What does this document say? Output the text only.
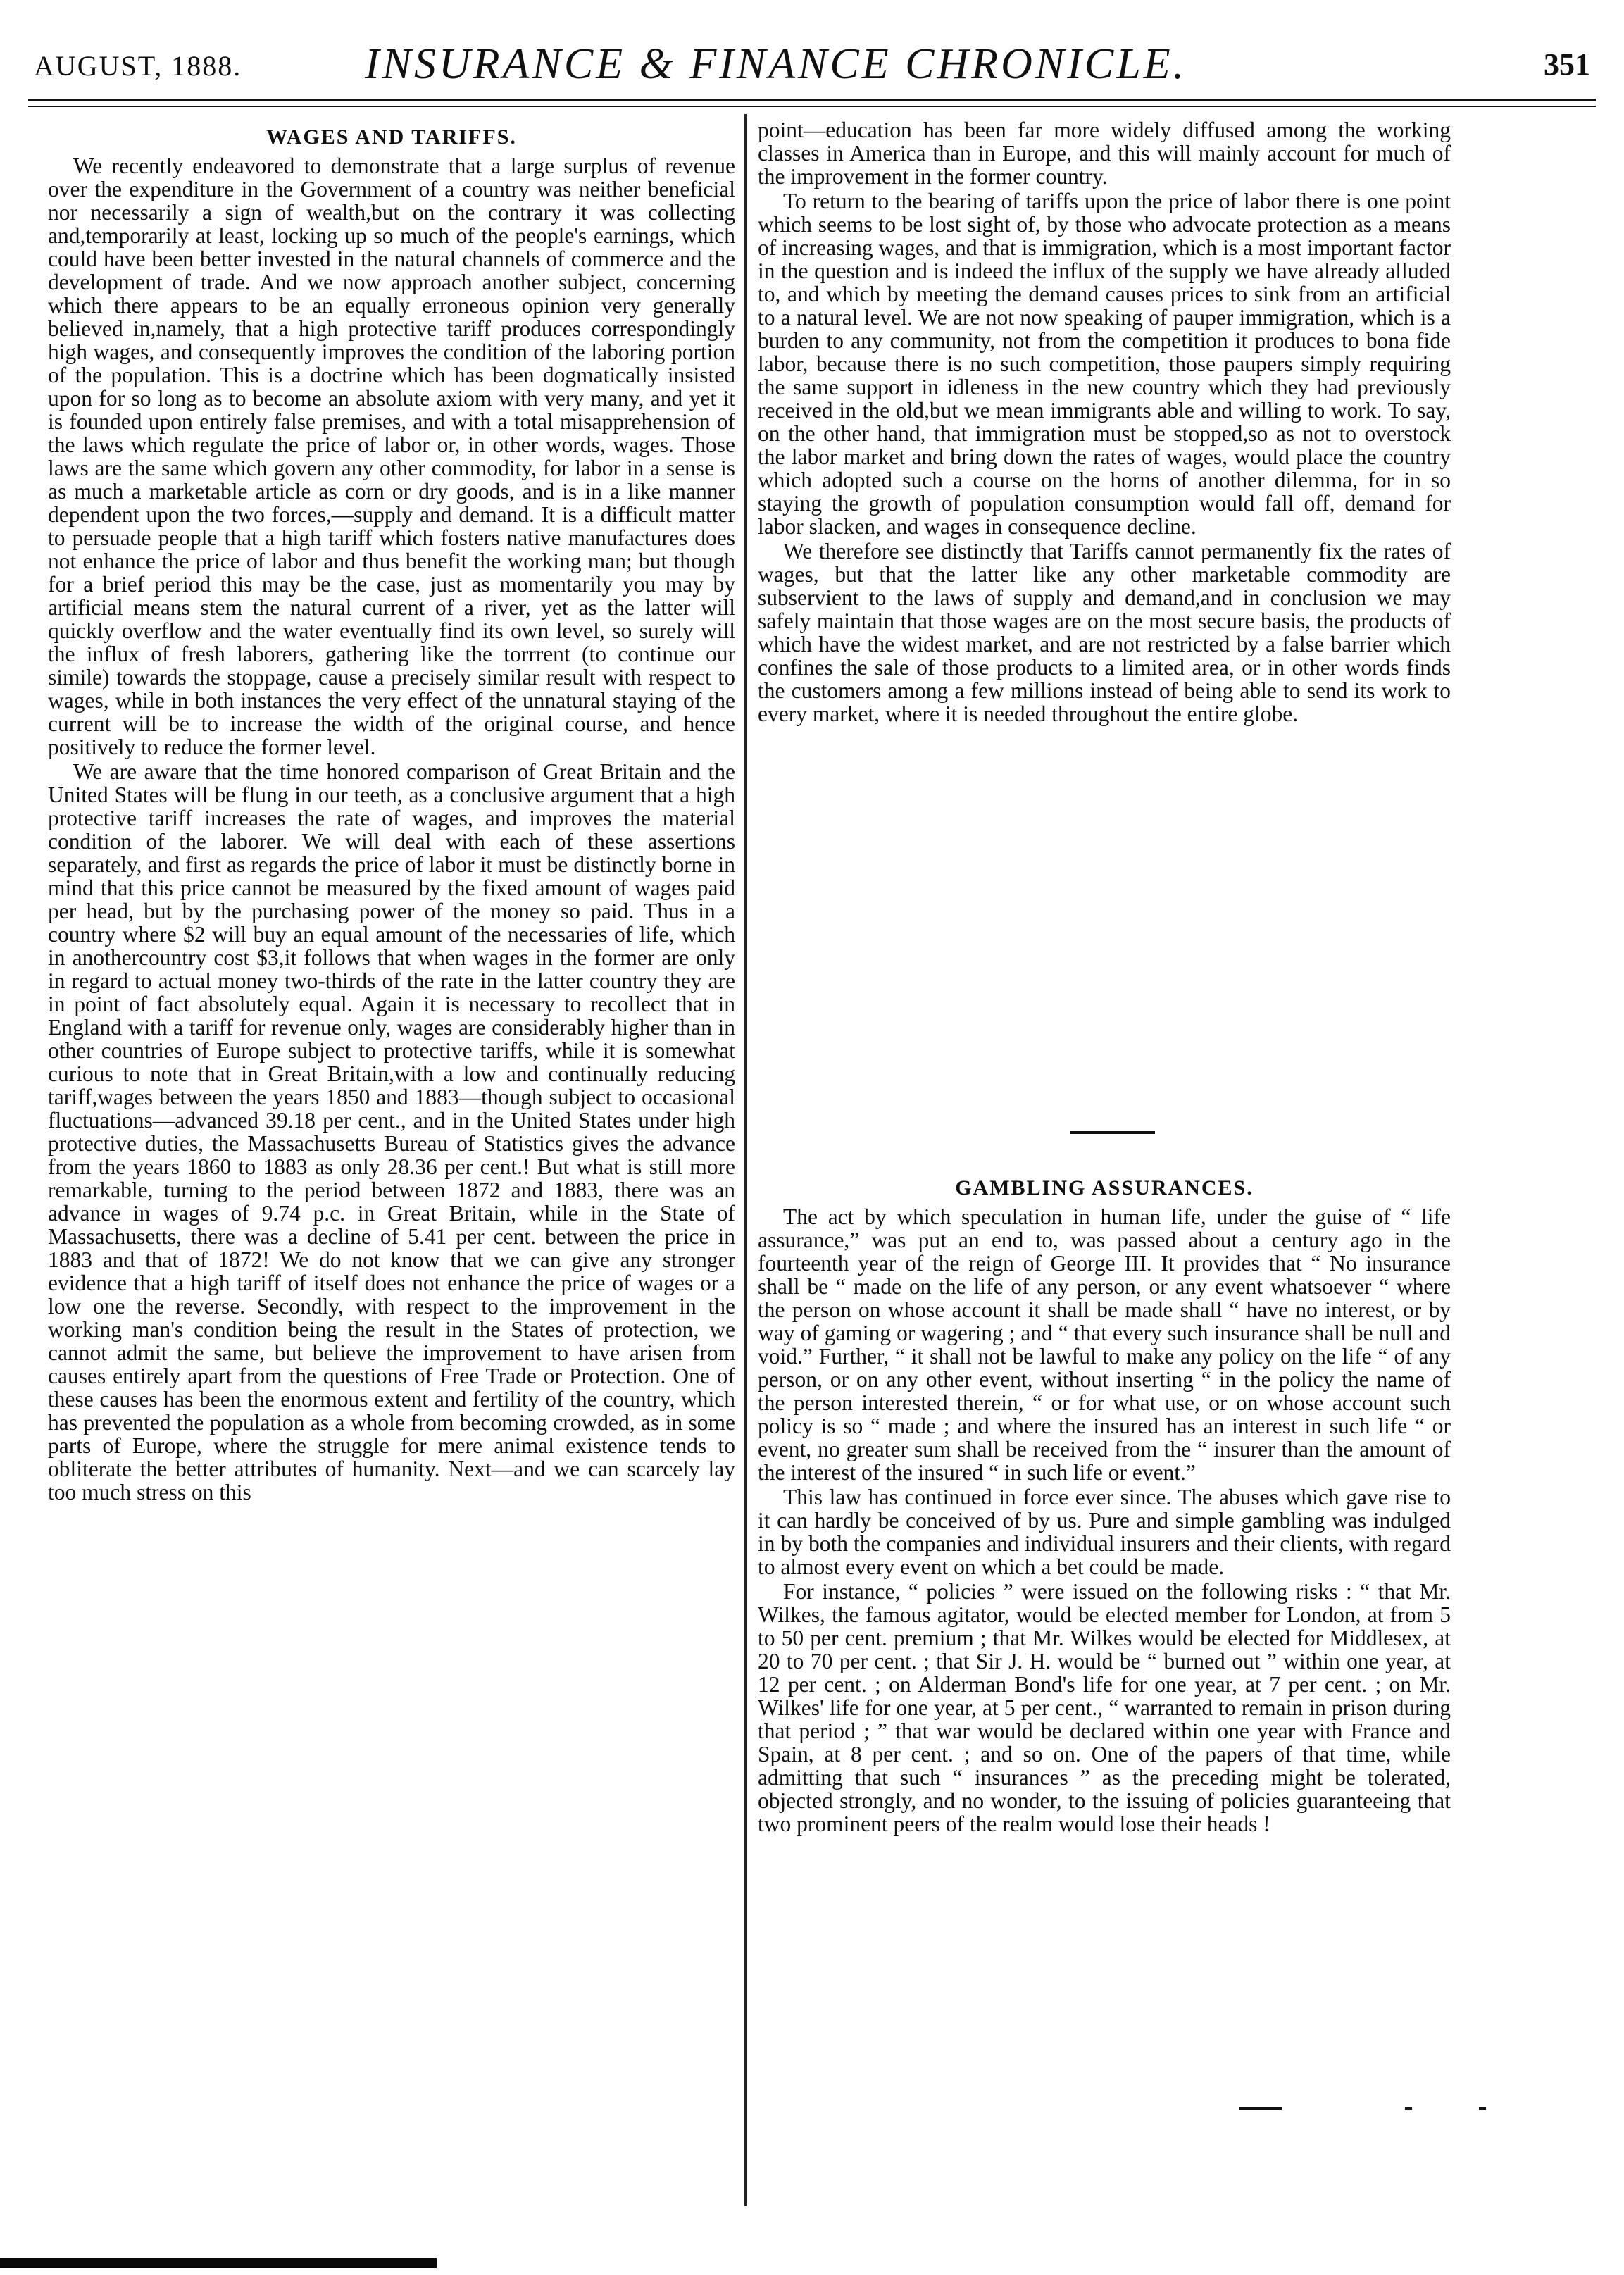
AUGUST, 1888.	INSURANCE & FINANCE CHRONICLE.	351
WAGES AND TARIFFS.

We recently endeavored to demonstrate that a large surplus of revenue over the expenditure in the Government of a country was neither beneficial nor necessarily a sign of wealth,but on the contrary it was collecting and,temporarily at least, locking up so much of the people's earnings, which could have been better invested in the natural channels of commerce and the development of trade. And we now approach another subject, concerning which there appears to be an equally erroneous opinion very generally believed in,namely, that a high protective tariff produces correspondingly high wages, and consequently improves the condition of the laboring portion of the population. This is a doctrine which has been dogmatically insisted upon for so long as to become an absolute axiom with very many, and yet it is founded upon entirely false premises, and with a total misapprehension of the laws which regulate the price of labor or, in other words, wages. Those laws are the same which govern any other commodity, for labor in a sense is as much a marketable article as corn or dry goods, and is in a like manner dependent upon the two forces,—supply and demand. It is a difficult matter to persuade people that a high tariff which fosters native manufactures does not enhance the price of labor and thus benefit the working man; but though for a brief period this may be the case, just as momentarily you may by artificial means stem the natural current of a river, yet as the latter will quickly overflow and the water eventually find its own level, so surely will the influx of fresh laborers, gathering like the torrrent (to continue our simile) towards the stoppage, cause a precisely similar result with respect to wages, while in both instances the very effect of the unnatural staying of the current will be to increase the width of the original course, and hence positively to reduce the former level.

We are aware that the time honored comparison of Great Britain and the United States will be flung in our teeth, as a conclusive argument that a high protective tariff increases the rate of wages, and improves the material condition of the laborer. We will deal with each of these assertions separately, and first as regards the price of labor it must be distinctly borne in mind that this price cannot be measured by the fixed amount of wages paid per head, but by the purchasing power of the money so paid. Thus in a country where $2 will buy an equal amount of the necessaries of life, which in anothercountry cost $3,it follows that when wages in the former are only in regard to actual money two-thirds of the rate in the latter country they are in point of fact absolutely equal. Again it is necessary to recollect that in England with a tariff for revenue only, wages are considerably higher than in other countries of Europe subject to protective tariffs, while it is somewhat curious to note that in Great Britain,with a low and continually reducing tariff,wages between the years 1850 and 1883—though subject to occasional fluctuations—advanced 39.18 per cent., and in the United States under high protective duties, the Massachusetts Bureau of Statistics gives the advance from the years 1860 to 1883 as only 28.36 per cent.! But what is still more remarkable, turning to the period between 1872 and 1883, there was an advance in wages of 9.74 p.c. in Great Britain, while in the State of Massachusetts, there was a decline of 5.41 per cent. between the price in 1883 and that of 1872! We do not know that we can give any stronger evidence that a high tariff of itself does not enhance the price of wages or a low one the reverse. Secondly, with respect to the improvement in the working man's condition being the result in the States of protection, we cannot admit the same, but believe the improvement to have arisen from causes entirely apart from the questions of Free Trade or Protection. One of these causes has been the enormous extent and fertility of the country, which has prevented the population as a whole from becoming crowded, as in some parts of Europe, where the struggle for mere animal existence tends to obliterate the better attributes of humanity. Next—and we can scarcely lay too much stress on this

point—education has been far more widely diffused among the working classes in America than in Europe, and this will mainly account for much of the improvement in the former country.

To return to the bearing of tariffs upon the price of labor there is one point which seems to be lost sight of, by those who advocate protection as a means of increasing wages, and that is immigration, which is a most important factor in the question and is indeed the influx of the supply we have already alluded to, and which by meeting the demand causes prices to sink from an artificial to a natural level. We are not now speaking of pauper immigration, which is a burden to any community, not from the competition it produces to bona fide labor, because there is no such competition, those paupers simply requiring the same support in idleness in the new country which they had previously received in the old,but we mean immigrants able and willing to work. To say, on the other hand, that immigration must be stopped,so as not to overstock the labor market and bring down the rates of wages, would place the country which adopted such a course on the horns of another dilemma, for in so staying the growth of population consumption would fall off, demand for labor slacken, and wages in consequence decline.

We therefore see distinctly that Tariffs cannot permanently fix the rates of wages, but that the latter like any other marketable commodity are subservient to the laws of supply and demand,and in conclusion we may safely maintain that those wages are on the most secure basis, the products of which have the widest market, and are not restricted by a false barrier which confines the sale of those products to a limited area, or in other words finds the customers among a few millions instead of being able to send its work to every market, where it is needed throughout the entire globe.

GAMBLING ASSURANCES.

The act by which speculation in human life, under the guise of “ life assurance,” was put an end to, was passed about a century ago in the fourteenth year of the reign of George III. It provides that “ No insurance shall be “ made on the life of any person, or any event whatsoever “ where the person on whose account it shall be made shall “ have no interest, or by way of gaming or wagering ; and “ that every such insurance shall be null and void.” Further, “ it shall not be lawful to make any policy on the life “ of any person, or on any other event, without inserting “ in the policy the name of the person interested therein, “ or for what use, or on whose account such policy is so “ made ; and where the insured has an interest in such life “ or event, no greater sum shall be received from the “ insurer than the amount of the interest of the insured “ in such life or event.”

This law has continued in force ever since. The abuses which gave rise to it can hardly be conceived of by us. Pure and simple gambling was indulged in by both the companies and individual insurers and their clients, with regard to almost every event on which a bet could be made.

For instance, “ policies ” were issued on the following risks : “ that Mr. Wilkes, the famous agitator, would be elected member for London, at from 5 to 50 per cent. premium ; that Mr. Wilkes would be elected for Middlesex, at 20 to 70 per cent. ; that Sir J. H. would be “ burned out ” within one year, at 12 per cent. ; on Alderman Bond's life for one year, at 7 per cent. ; on Mr. Wilkes' life for one year, at 5 per cent., “ warranted to remain in prison during that period ; ” that war would be declared within one year with France and Spain, at 8 per cent. ; and so on. One of the papers of that time, while admitting that such “ insurances ” as the preceding might be tolerated, objected strongly, and no wonder, to the issuing of policies guaranteeing that two prominent peers of the realm would lose their heads !
